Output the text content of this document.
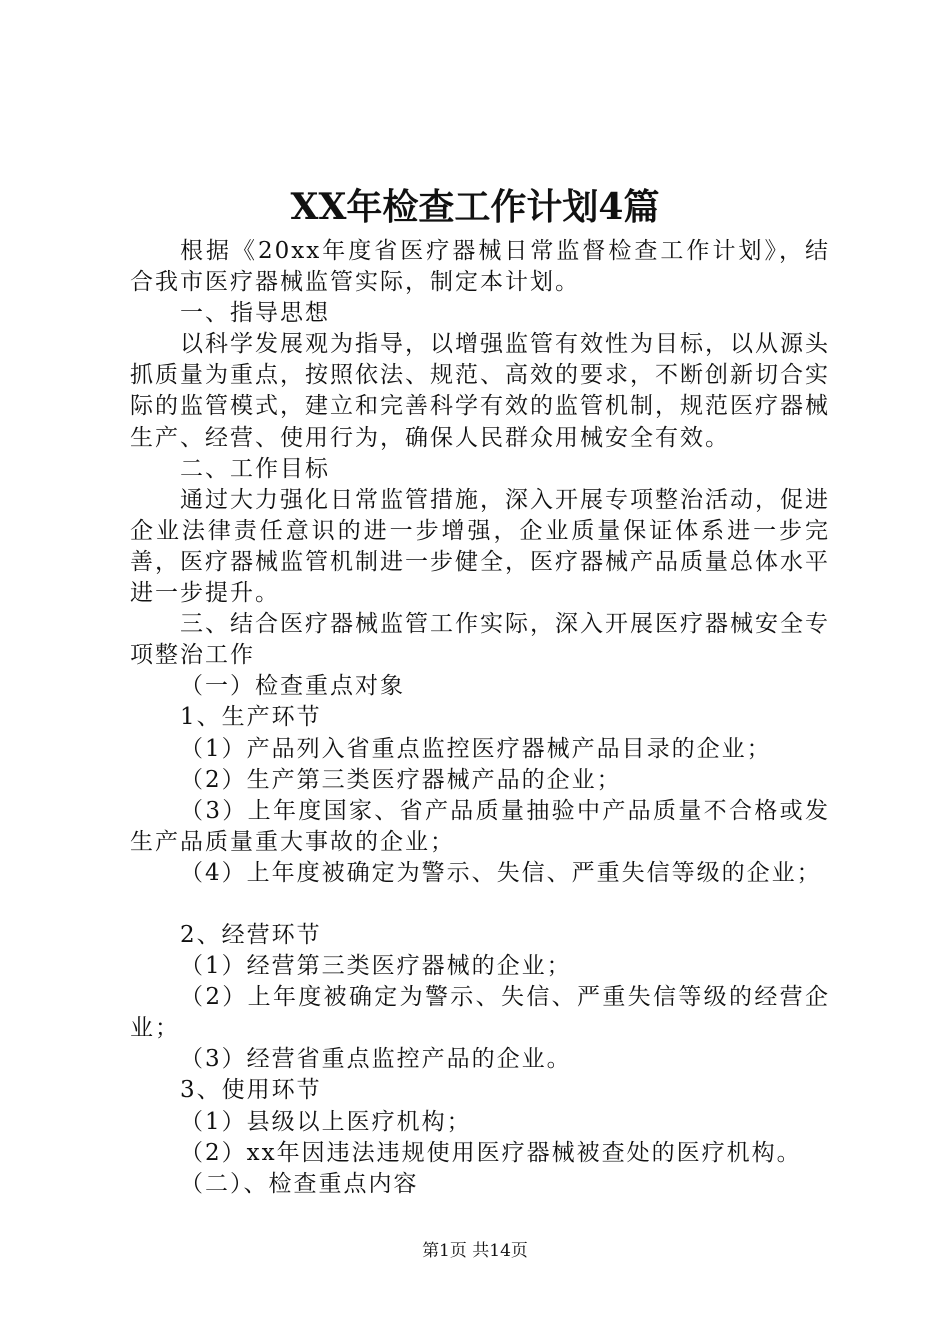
XX年检查工作计划4篇

根据《20xx年度省医疗器械日常监督检查工作计划》，结合我市医疗器械监管实际，制定本计划。

一、指导思想

以科学发展观为指导，以增强监管有效性为目标，以从源头抓质量为重点，按照依法、规范、高效的要求，不断创新切合实际的监管模式，建立和完善科学有效的监管机制，规范医疗器械生产、经营、使用行为，确保人民群众用械安全有效。

二、工作目标

通过大力强化日常监管措施，深入开展专项整治活动，促进企业法律责任意识的进一步增强，企业质量保证体系进一步完善，医疗器械监管机制进一步健全，医疗器械产品质量总体水平进一步提升。

三、结合医疗器械监管工作实际，深入开展医疗器械安全专项整治工作

（一）检查重点对象

1、生产环节

（1）产品列入省重点监控医疗器械产品目录的企业；

（2）生产第三类医疗器械产品的企业；

（3）上年度国家、省产品质量抽验中产品质量不合格或发生产品质量重大事故的企业；

（4）上年度被确定为警示、失信、严重失信等级的企业；

2、经营环节

（1）经营第三类医疗器械的企业；

（2）上年度被确定为警示、失信、严重失信等级的经营企业；

（3）经营省重点监控产品的企业。

3、使用环节

（1）县级以上医疗机构；

（2）xx年因违法违规使用医疗器械被查处的医疗机构。

（二）、检查重点内容

第1页 共14页
